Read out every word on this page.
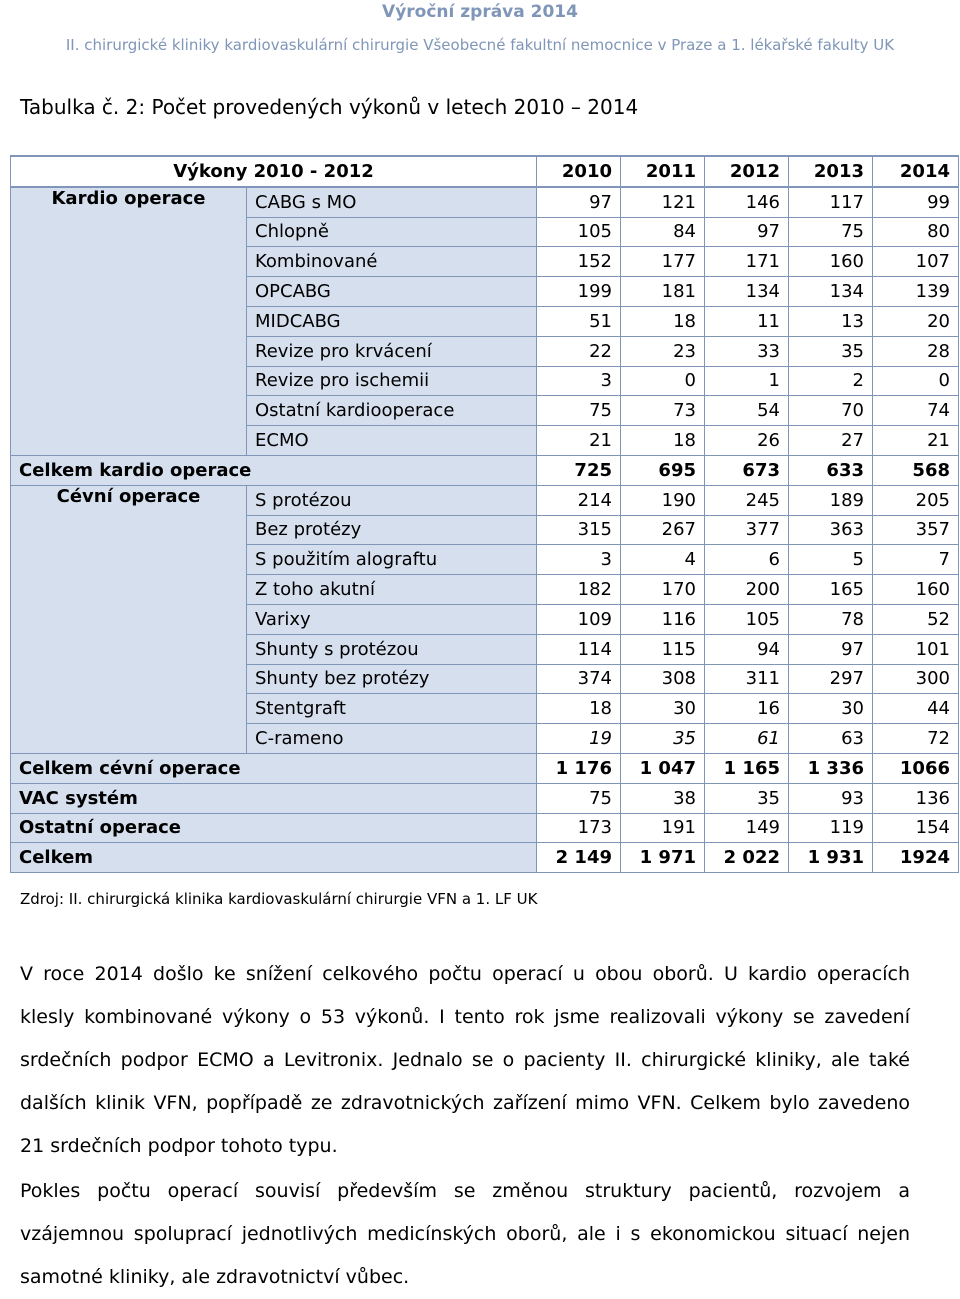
Výroční zpráva 2014
II. chirurgické kliniky kardiovaskulární chirurgie Všeobecné fakultní nemocnice v Praze a 1. lékařské fakulty UK
Tabulka č. 2: Počet provedených výkonů v letech 2010 – 2014
Výkony 2010 - 2012		2010	2011	2012	2013	2014
Kardio operace	CABG s MO	97	121	146	117	99
	Chlopně	105	84	97	75	80
	Kombinované	152	177	171	160	107
	OPCABG	199	181	134	134	139
	MIDCABG	51	18	11	13	20
	Revize pro krvácení	22	23	33	35	28
	Revize pro ischemii	3	0	1	2	0
	Ostatní kardiooperace	75	73	54	70	74
	ECMO	21	18	26	27	21
Celkem kardio operace		725	695	673	633	568
Cévní operace	S protézou	214	190	245	189	205
	Bez protézy	315	267	377	363	357
	S použitím alograftu	3	4	6	5	7
	Z toho akutní	182	170	200	165	160
	Varixy	109	116	105	78	52
	Shunty s protézou	114	115	94	97	101
	Shunty bez protézy	374	308	311	297	300
	Stentgraft	18	30	16	30	44
	C-rameno	19	35	61	63	72
Celkem cévní operace		1 176	1 047	1 165	1 336	1066
VAC systém		75	38	35	93	136
Ostatní operace		173	191	149	119	154
Celkem		2 149	1 971	2 022	1 931	1924
Zdroj: II. chirurgická klinika kardiovaskulární chirurgie VFN a 1. LF UK

V roce 2014 došlo ke snížení celkového počtu operací u obou oborů. U kardio operacích klesly kombinované výkony o 53 výkonů. I tento rok jsme realizovali výkony se zavedení srdečních podpor ECMO a Levitronix. Jednalo se o pacienty II. chirurgické kliniky, ale také dalších klinik VFN, popřípadě ze zdravotnických zařízení mimo VFN. Celkem bylo zavedeno 21 srdečních podpor tohoto typu.

Pokles počtu operací souvisí především se změnou struktury pacientů, rozvojem a vzájemnou spoluprací jednotlivých medicínských oborů, ale i s ekonomickou situací nejen samotné kliniky, ale zdravotnictví vůbec.
